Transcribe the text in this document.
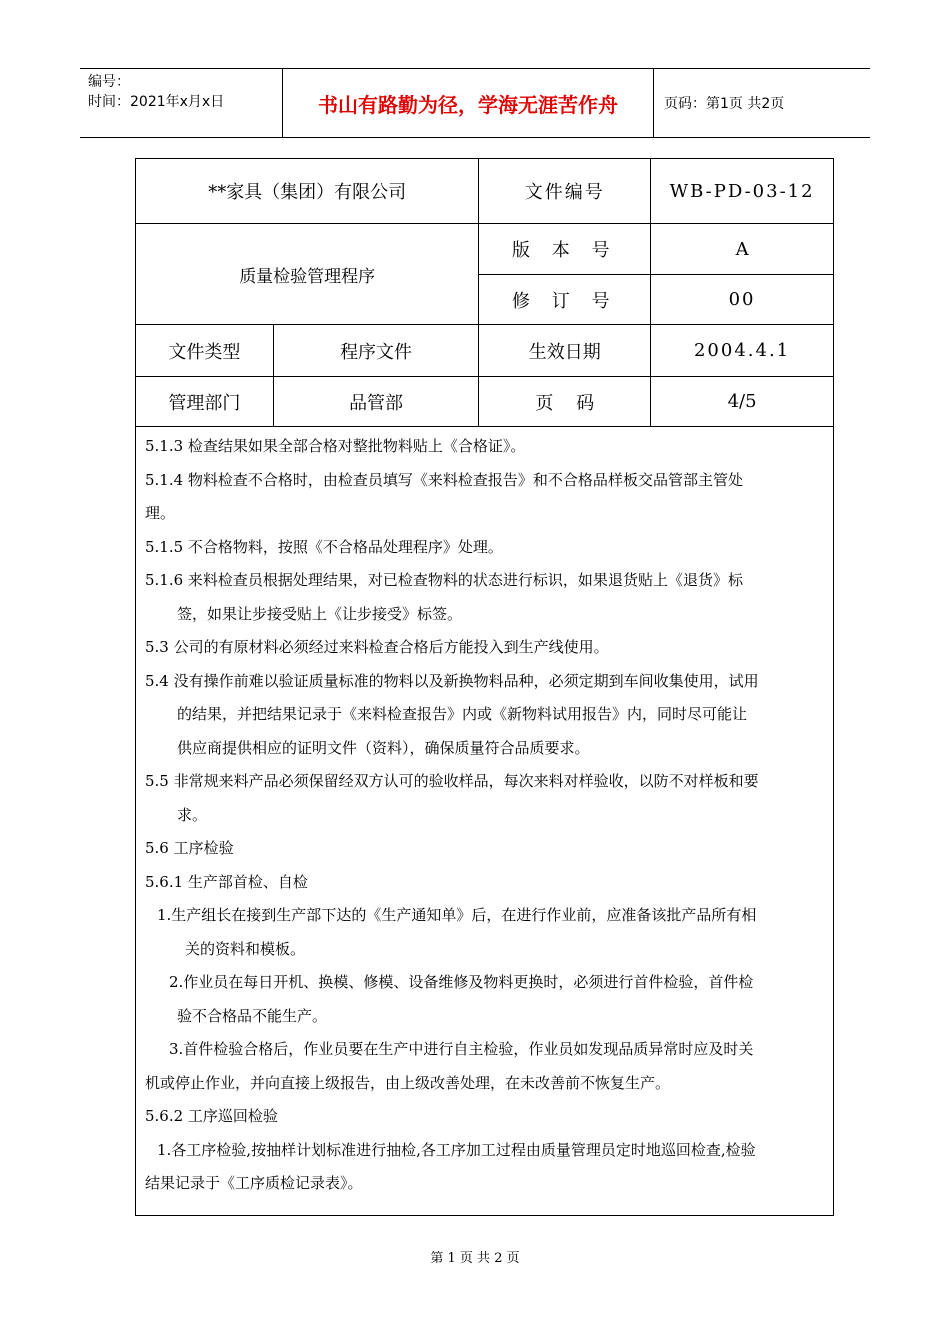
编号：
时间：2021年x月x日	书山有路勤为径，学海无涯苦作舟	页码：第1页 共2页
**家具（集团）有限公司		文件编号	WB-PD-03-12
质量检验管理程序		版 本 号	A
		修 订 号	00
文件类型	程序文件	生效日期	2004.4.1
管理部门	品管部	页    码	4/5

5.1.3 检查结果如果全部合格对整批物料贴上《合格证》。

5.1.4 物料检查不合格时，由检查员填写《来料检查报告》和不合格品样板交品管部主管处

理。

5.1.5 不合格物料，按照《不合格品处理程序》处理。

5.1.6 来料检查员根据处理结果，对已检查物料的状态进行标识，如果退货贴上《退货》标

签，如果让步接受贴上《让步接受》标签。

5.3 公司的有原材料必须经过来料检查合格后方能投入到生产线使用。

5.4 没有操作前难以验证质量标准的物料以及新换物料品种，必须定期到车间收集使用，试用

的结果，并把结果记录于《来料检查报告》内或《新物料试用报告》内，同时尽可能让

供应商提供相应的证明文件（资料），确保质量符合品质要求。

5.5 非常规来料产品必须保留经双方认可的验收样品，每次来料对样验收，以防不对样板和要

求。

5.6 工序检验

5.6.1 生产部首检、自检

1.生产组长在接到生产部下达的《生产通知单》后，在进行作业前，应准备该批产品所有相

关的资料和模板。

2.作业员在每日开机、换模、修模、设备维修及物料更换时，必须进行首件检验，首件检

验不合格品不能生产。

3.首件检验合格后，作业员要在生产中进行自主检验，作业员如发现品质异常时应及时关

机或停止作业，并向直接上级报告，由上级改善处理，在未改善前不恢复生产。

5.6.2 工序巡回检验

1.各工序检验,按抽样计划标准进行抽检,各工序加工过程由质量管理员定时地巡回检查,检验

结果记录于《工序质检记录表》。

第 1 页 共 2 页
